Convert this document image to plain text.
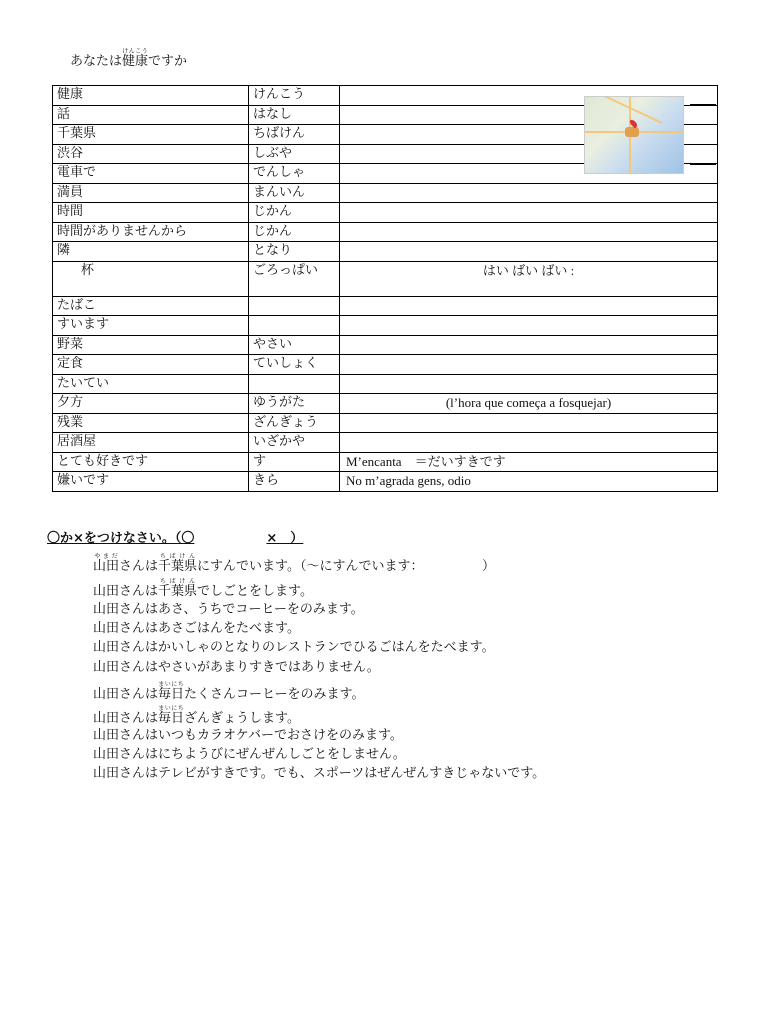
あなたは健康けんこうですか
健康	けんこう	
話	はなし	
千葉県	ちばけん	
渋谷	しぶや	
電車で	でんしゃ	
満員	まんいん	
時間	じかん	
時間がありませんから	じかん	
隣	となり	
杯	ごろっぱい	はい ばい ばい :
たばこ		
すいます		
野菜	やさい	
定食	ていしょく	
たいてい		
夕方	ゆうがた	(l’hora que começa a fosquejar)
残業	ざんぎょう	
居酒屋	いざかや	
とても好きです	す	M’encanta　＝だいすきです
嫌いです	きら	No m’agrada gens, odio
〇か×をつけなさい。（〇	×　）
山田やまださんは千葉県ちばけんにすんでいます。（〜にすんでいます：　　　　　）
山田さんは千葉県ちばけんでしごとをします。
山田さんはあさ、うちでコーヒーをのみます。
山田さんはあさごはんをたべます。
山田さんはかいしゃのとなりのレストランでひるごはんをたべます。
山田さんはやさいがあまりすきではありません。
山田さんは毎日まいにちたくさんコーヒーをのみます。
山田さんは毎日まいにちざんぎょうします。
山田さんはいつもカラオケバーでおさけをのみます。
山田さんはにちようびにぜんぜんしごとをしません。
山田さんはテレビがすきです。でも、スポーツはぜんぜんすきじゃないです。
